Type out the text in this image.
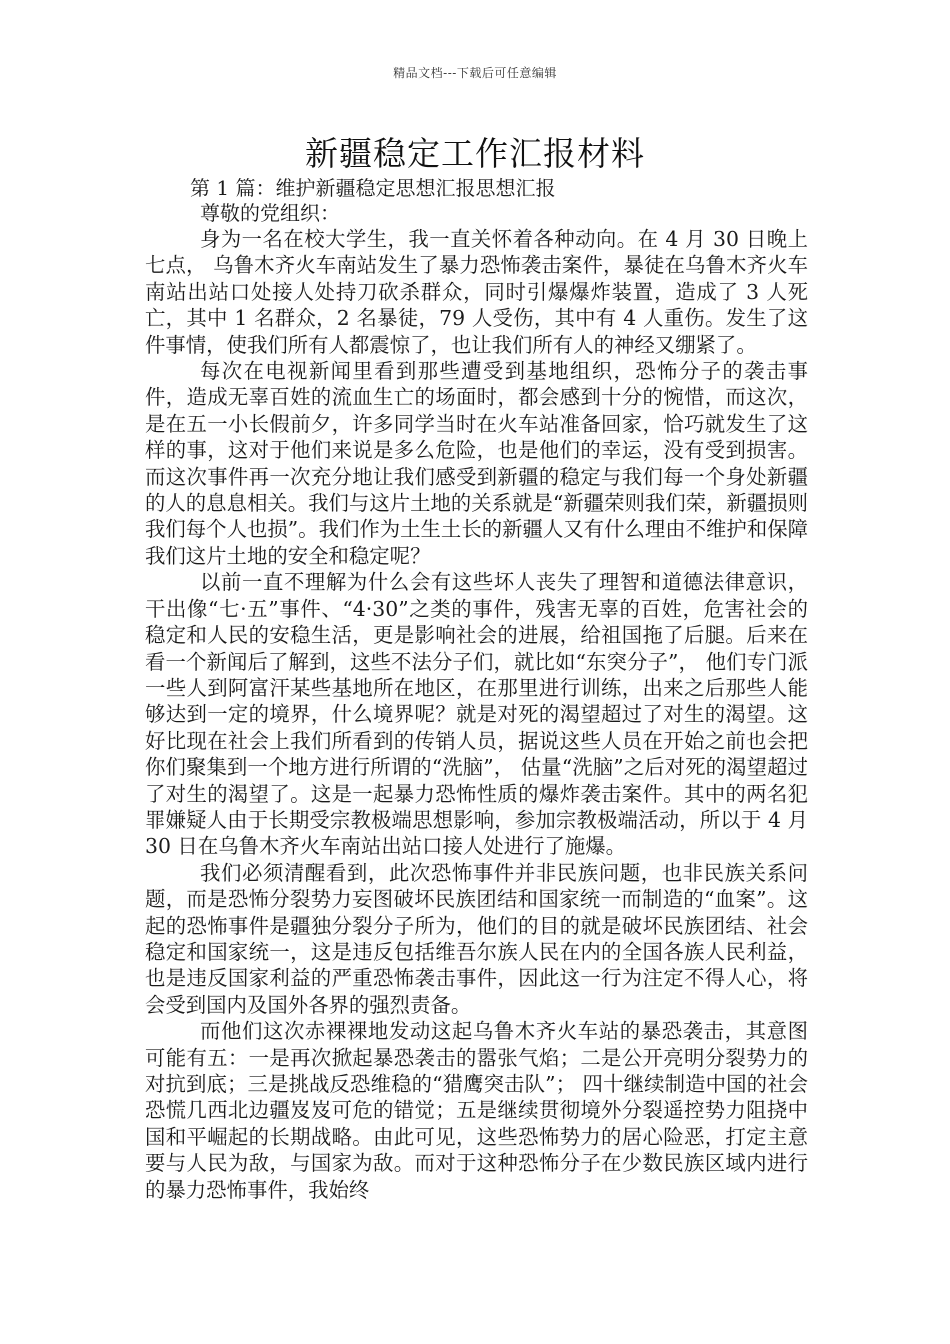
精品文档---下载后可任意编辑
新疆稳定工作汇报材料

第 1 篇：维护新疆稳定思想汇报思想汇报

尊敬的党组织：

身为一名在校大学生，我一直关怀着各种动向。在 4 月 30 日晚上七点， 乌鲁木齐火车南站发生了暴力恐怖袭击案件，暴徒在乌鲁木齐火车南站出站口处接人处持刀砍杀群众，同时引爆爆炸装置，造成了 3 人死亡，其中 1 名群众，2 名暴徒，79 人受伤，其中有 4 人重伤。发生了这件事情，使我们所有人都震惊了，也让我们所有人的神经又绷紧了。

每次在电视新闻里看到那些遭受到基地组织，恐怖分子的袭击事件，造成无辜百姓的流血生亡的场面时，都会感到十分的惋惜，而这次，是在五一小长假前夕，许多同学当时在火车站准备回家，恰巧就发生了这样的事，这对于他们来说是多么危险，也是他们的幸运，没有受到损害。而这次事件再一次充分地让我们感受到新疆的稳定与我们每一个身处新疆的人的息息相关。我们与这片土地的关系就是“新疆荣则我们荣，新疆损则我们每个人也损”。我们作为土生土长的新疆人又有什么理由不维护和保障我们这片土地的安全和稳定呢？

以前一直不理解为什么会有这些坏人丧失了理智和道德法律意识，干出像“七·五”事件、“4·30”之类的事件，残害无辜的百姓，危害社会的稳定和人民的安稳生活，更是影响社会的进展，给祖国拖了后腿。后来在看一个新闻后了解到，这些不法分子们，就比如“东突分子”， 他们专门派一些人到阿富汗某些基地所在地区，在那里进行训练，出来之后那些人能够达到一定的境界，什么境界呢？就是对死的渴望超过了对生的渴望。这好比现在社会上我们所看到的传销人员，据说这些人员在开始之前也会把你们聚集到一个地方进行所谓的“洗脑”， 估量“洗脑”之后对死的渴望超过了对生的渴望了。这是一起暴力恐怖性质的爆炸袭击案件。其中的两名犯罪嫌疑人由于长期受宗教极端思想影响，参加宗教极端活动，所以于 4 月 30 日在乌鲁木齐火车南站出站口接人处进行了施爆。

我们必须清醒看到，此次恐怖事件并非民族问题，也非民族关系问题，而是恐怖分裂势力妄图破坏民族团结和国家统一而制造的“血案”。这起的恐怖事件是疆独分裂分子所为，他们的目的就是破坏民族团结、社会稳定和国家统一，这是违反包括维吾尔族人民在内的全国各族人民利益，也是违反国家利益的严重恐怖袭击事件，因此这一行为注定不得人心，将会受到国内及国外各界的强烈责备。

而他们这次赤裸裸地发动这起乌鲁木齐火车站的暴恐袭击，其意图可能有五：一是再次掀起暴恐袭击的嚣张气焰；二是公开亮明分裂势力的对抗到底；三是挑战反恐维稳的“猎鹰突击队”； 四十继续制造中国的社会恐慌几西北边疆岌岌可危的错觉；五是继续贯彻境外分裂遥控势力阻挠中国和平崛起的长期战略。由此可见，这些恐怖势力的居心险恶，打定主意要与人民为敌，与国家为敌。而对于这种恐怖分子在少数民族区域内进行的暴力恐怖事件，我始终
